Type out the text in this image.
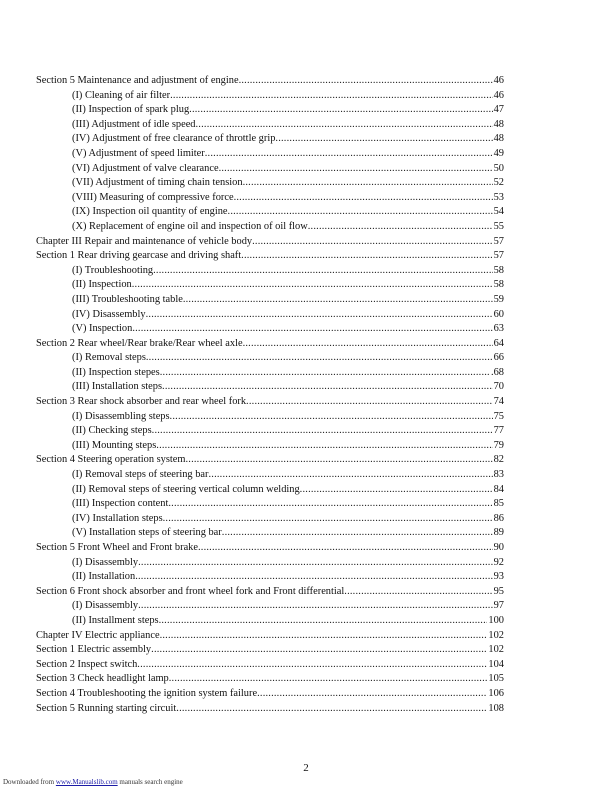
Section 5 Maintenance and adjustment of engine .....	46
(I) Cleaning of air filter .....	46
(II) Inspection of spark plug .....	47
(III) Adjustment of idle speed .....	48
(IV) Adjustment of free clearance of throttle grip .....	48
(V) Adjustment of speed limiter .....	49
(VI) Adjustment of valve clearance .....	50
(VII) Adjustment of timing chain tension .....	52
(VIII) Measuring of compressive force .....	53
(IX) Inspection oil quantity of engine .....	54
(X) Replacement of engine oil and inspection of oil flow .....	55
Chapter III Repair and maintenance of vehicle body .....	57
Section 1 Rear driving gearcase and driving shaft .....	57
(I) Troubleshooting .....	58
(II) Inspection .....	58
(III) Troubleshooting table .....	59
(IV) Disassembly .....	60
(V) Inspection .....	63
Section 2 Rear wheel/Rear brake/Rear wheel axle .....	64
(I) Removal steps .....	66
(II) Inspection stepes .....	.68
(III) Installation steps .....	70
Section 3 Rear shock absorber and rear wheel fork .....	74
(I) Disassembling steps .....	75
(II) Checking steps .....	77
(III) Mounting steps .....	79
Section 4 Steering operation system .....	82
(I) Removal steps of steering bar .....	83
(II) Removal steps of steering vertical column welding .....	84
(III) Inspection content .....	85
(IV) Installation steps .....	86
(V) Installation steps of steering bar .....	89
Section 5 Front Wheel and Front brake .....	90
(I) Disassembly .....	92
(II) Installation .....	93
Section 6 Front shock absorber and front wheel fork and Front differential .....	95
(I) Disassembly .....	97
(II) Installment steps .....	100
Chapter IV Electric appliance .....	102
Section 1 Electric assembly .....	102
Section 2 Inspect switch .....	104
Section 3 Check headlight lamp .....	105
Section 4 Troubleshooting the ignition system failure .....	106
Section 5 Running starting circuit .....	108
2
Downloaded from www.Manualslib.com manuals search engine
